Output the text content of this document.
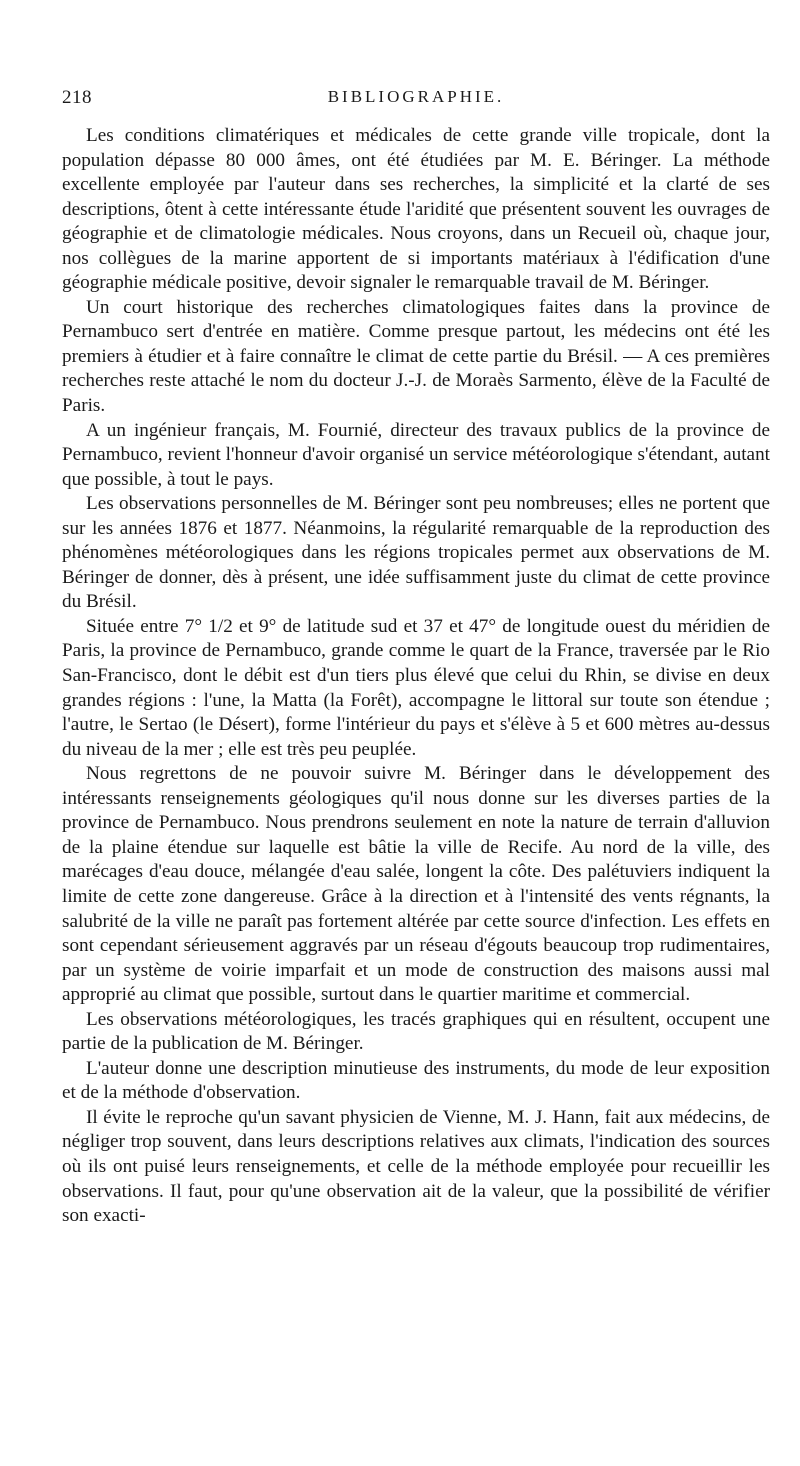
218	BIBLIOGRAPHIE.

Les conditions climatériques et médicales de cette grande ville tropicale, dont la population dépasse 80 000 âmes, ont été étudiées par M. E. Béringer. La méthode excellente employée par l'auteur dans ses recherches, la simplicité et la clarté de ses descriptions, ôtent à cette intéressante étude l'aridité que présentent souvent les ouvrages de géographie et de climatologie médicales. Nous croyons, dans un Recueil où, chaque jour, nos collègues de la marine apportent de si importants matériaux à l'édification d'une géographie médicale positive, devoir signaler le remarquable travail de M. Béringer.

Un court historique des recherches climatologiques faites dans la province de Pernambuco sert d'entrée en matière. Comme presque partout, les médecins ont été les premiers à étudier et à faire connaître le climat de cette partie du Brésil. — A ces premières recherches reste attaché le nom du docteur J.-J. de Moraès Sarmento, élève de la Faculté de Paris.

A un ingénieur français, M. Fournié, directeur des travaux publics de la province de Pernambuco, revient l'honneur d'avoir organisé un service météorologique s'étendant, autant que possible, à tout le pays.

Les observations personnelles de M. Béringer sont peu nombreuses; elles ne portent que sur les années 1876 et 1877. Néanmoins, la régularité remarquable de la reproduction des phénomènes météorologiques dans les régions tropicales permet aux observations de M. Béringer de donner, dès à présent, une idée suffisamment juste du climat de cette province du Brésil.

Située entre 7° 1/2 et 9° de latitude sud et 37 et 47° de longitude ouest du méridien de Paris, la province de Pernambuco, grande comme le quart de la France, traversée par le Rio San-Francisco, dont le débit est d'un tiers plus élevé que celui du Rhin, se divise en deux grandes régions : l'une, la Matta (la Forêt), accompagne le littoral sur toute son étendue ; l'autre, le Sertao (le Désert), forme l'intérieur du pays et s'élève à 5 et 600 mètres au-dessus du niveau de la mer ; elle est très peu peuplée.

Nous regrettons de ne pouvoir suivre M. Béringer dans le développement des intéressants renseignements géologiques qu'il nous donne sur les diverses parties de la province de Pernambuco. Nous prendrons seulement en note la nature de terrain d'alluvion de la plaine étendue sur laquelle est bâtie la ville de Recife. Au nord de la ville, des marécages d'eau douce, mélangée d'eau salée, longent la côte. Des palétuviers indiquent la limite de cette zone dangereuse. Grâce à la direction et à l'intensité des vents régnants, la salubrité de la ville ne paraît pas fortement altérée par cette source d'infection. Les effets en sont cependant sérieusement aggravés par un réseau d'égouts beaucoup trop rudimentaires, par un système de voirie imparfait et un mode de construction des maisons aussi mal approprié au climat que possible, surtout dans le quartier maritime et commercial.

Les observations météorologiques, les tracés graphiques qui en résultent, occupent une partie de la publication de M. Béringer.

L'auteur donne une description minutieuse des instruments, du mode de leur exposition et de la méthode d'observation.

Il évite le reproche qu'un savant physicien de Vienne, M. J. Hann, fait aux médecins, de négliger trop souvent, dans leurs descriptions relatives aux climats, l'indication des sources où ils ont puisé leurs renseignements, et celle de la méthode employée pour recueillir les observations. Il faut, pour qu'une observation ait de la valeur, que la possibilité de vérifier son exacti-
